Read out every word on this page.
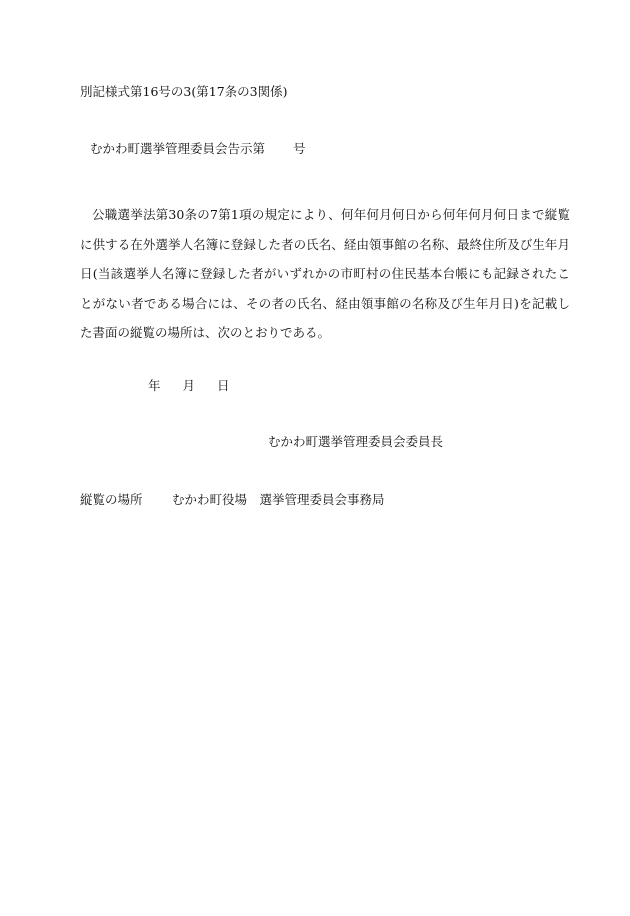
別記様式第16号の3(第17条の3関係)
むかわ町選挙管理委員会告示第 号
公職選挙法第30条の7第1項の規定により、何年何月何日から何年何月何日まで縦覧に供する在外選挙人名簿に登録した者の氏名、経由領事館の名称、最終住所及び生年月日(当該選挙人名簿に登録した者がいずれかの市町村の住民基本台帳にも記録されたことがない者である場合には、その者の氏名、経由領事館の名称及び生年月日)を記載した書面の縦覧の場所は、次のとおりである。
年 月 日
むかわ町選挙管理委員会委員長
縦覧の場所 むかわ町役場　選挙管理委員会事務局
